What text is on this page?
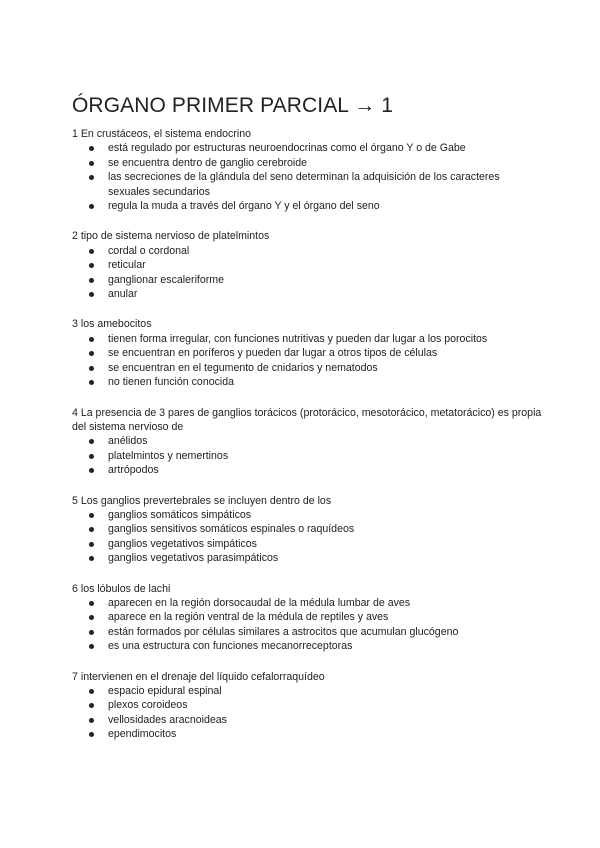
ÓRGANO PRIMER PARCIAL → 1

1 En crustáceos, el sistema endocrino

está regulado por estructuras neuroendocrinas como el órgano Y o de Gabe
se encuentra dentro de ganglio cerebroide
las secreciones de la glándula del seno determinan la adquisición de los caracteres sexuales secundarios
regula la muda a través del órgano Y y el órgano del seno

2 tipo de sistema nervioso de platelmintos

cordal o cordonal
reticular
ganglionar escaleriforme
anular

3 los amebocitos

tienen forma irregular, con funciones nutritivas y pueden dar lugar a los porocitos
se encuentran en poríferos y pueden dar lugar a otros tipos de células
se encuentran en el tegumento de cnidarios y nematodos
no tienen función conocida

4 La presencia de 3 pares de ganglios torácicos (protorácico, mesotorácico, metatorácico) es propia del sistema nervioso de

anélidos
platelmintos y nemertinos
artrópodos

5 Los ganglios prevertebrales se incluyen dentro de los

ganglios somáticos simpáticos
ganglios sensitivos somáticos espinales o raquídeos
ganglios vegetativos simpáticos
ganglios vegetativos parasimpáticos

6 los lóbulos de lachi

aparecen en la región dorsocaudal de la médula lumbar de aves
aparece en la región ventral de la médula de reptiles y aves
están formados por células similares a astrocitos que acumulan glucógeno
es una estructura con funciones mecanorreceptoras

7 intervienen en el drenaje del líquido cefalorraquídeo

espacio epidural espinal
plexos coroideos
vellosidades aracnoideas
ependimocitos
